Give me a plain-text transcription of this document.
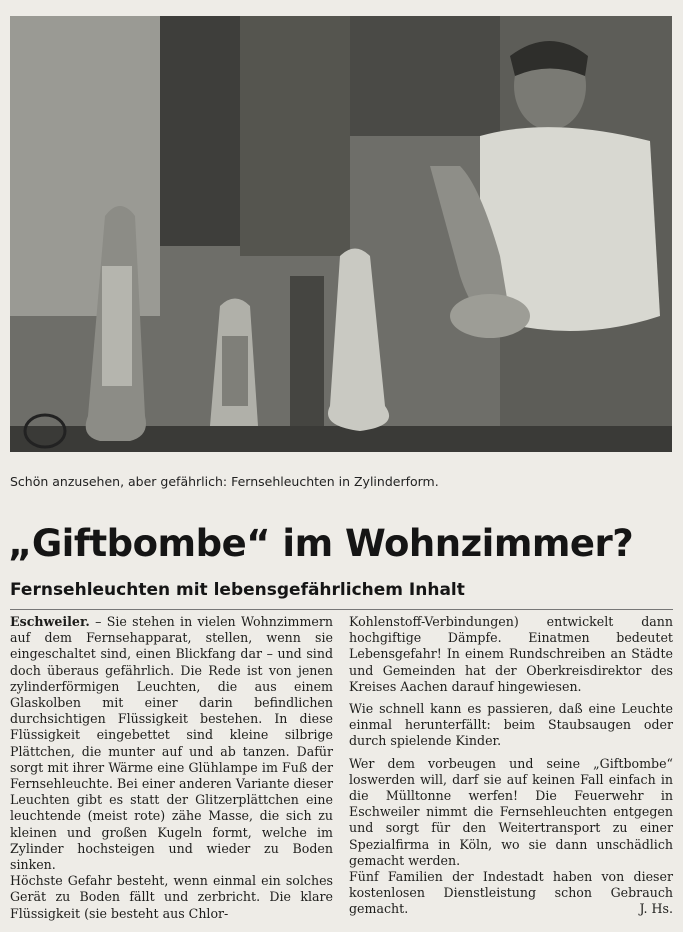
Schön anzusehen, aber gefährlich: Fernsehleuchten in Zylinderform.
„Giftbombe“ im Wohnzimmer?
Fernsehleuchten mit lebensgefährlichem Inhalt

Eschweiler. – Sie stehen in vielen Wohnzimmern auf dem Fernsehapparat, stellen, wenn sie eingeschaltet sind, einen Blickfang dar – und sind doch überaus gefährlich. Die Rede ist von jenen zylinderförmigen Leuchten, die aus einem Glaskolben mit einer darin befindlichen durchsichtigen Flüssigkeit bestehen. In diese Flüssigkeit eingebettet sind kleine silbrige Plättchen, die munter auf und ab tanzen. Dafür sorgt mit ihrer Wärme eine Glühlampe im Fuß der Fernsehleuchte. Bei einer anderen Variante dieser Leuchten gibt es statt der Glitzerplättchen eine leuchtende (meist rote) zähe Masse, die sich zu kleinen und großen Kugeln formt, welche im Zylinder hochsteigen und wieder zu Boden sinken.

Höchste Gefahr besteht, wenn einmal ein solches Gerät zu Boden fällt und zerbricht. Die klare Flüssigkeit (sie besteht aus Chlor-

Kohlenstoff-Verbindungen) entwickelt dann hochgiftige Dämpfe. Einatmen bedeutet Lebensgefahr! In einem Rundschreiben an Städte und Gemeinden hat der Oberkreisdirektor des Kreises Aachen darauf hingewiesen.

Wie schnell kann es passieren, daß eine Leuchte einmal herunterfällt: beim Staubsaugen oder durch spielende Kinder.

Wer dem vorbeugen und seine „Giftbombe“ loswerden will, darf sie auf keinen Fall einfach in die Mülltonne werfen! Die Feuerwehr in Eschweiler nimmt die Fernsehleuchten entgegen und sorgt für den Weitertransport zu einer Spezialfirma in Köln, wo sie dann unschädlich gemacht werden.

Fünf Familien der Indestadt haben von dieser kostenlosen Dienstleistung schon Gebrauch gemacht.	J. Hs.
